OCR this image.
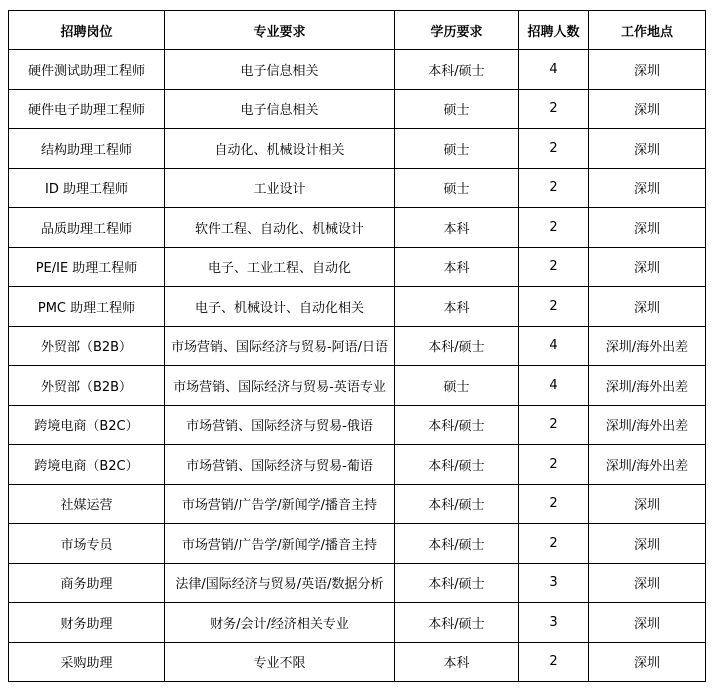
招聘岗位	专业要求	学历要求	招聘人数	工作地点
硬件测试助理工程师	电子信息相关	本科/硕士	4	深圳
硬件电子助理工程师	电子信息相关	硕士	2	深圳
结构助理工程师	自动化、机械设计相关	硕士	2	深圳
ID 助理工程师	工业设计	硕士	2	深圳
品质助理工程师	软件工程、自动化、机械设计	本科	2	深圳
PE/IE 助理工程师	电子、工业工程、自动化	本科	2	深圳
PMC 助理工程师	电子、机械设计、自动化相关	本科	2	深圳
外贸部（B2B）	市场营销、国际经济与贸易-阿语/日语	本科/硕士	4	深圳/海外出差
外贸部（B2B）	市场营销、国际经济与贸易-英语专业	硕士	4	深圳/海外出差
跨境电商（B2C）	市场营销、国际经济与贸易-俄语	本科/硕士	2	深圳/海外出差
跨境电商（B2C）	市场营销、国际经济与贸易-葡语	本科/硕士	2	深圳/海外出差
社媒运营	市场营销/广告学/新闻学/播音主持	本科/硕士	2	深圳
市场专员	市场营销/广告学/新闻学/播音主持	本科/硕士	2	深圳
商务助理	法律/国际经济与贸易/英语/数据分析	本科/硕士	3	深圳
财务助理	财务/会计/经济相关专业	本科/硕士	3	深圳
采购助理	专业不限	本科	2	深圳
